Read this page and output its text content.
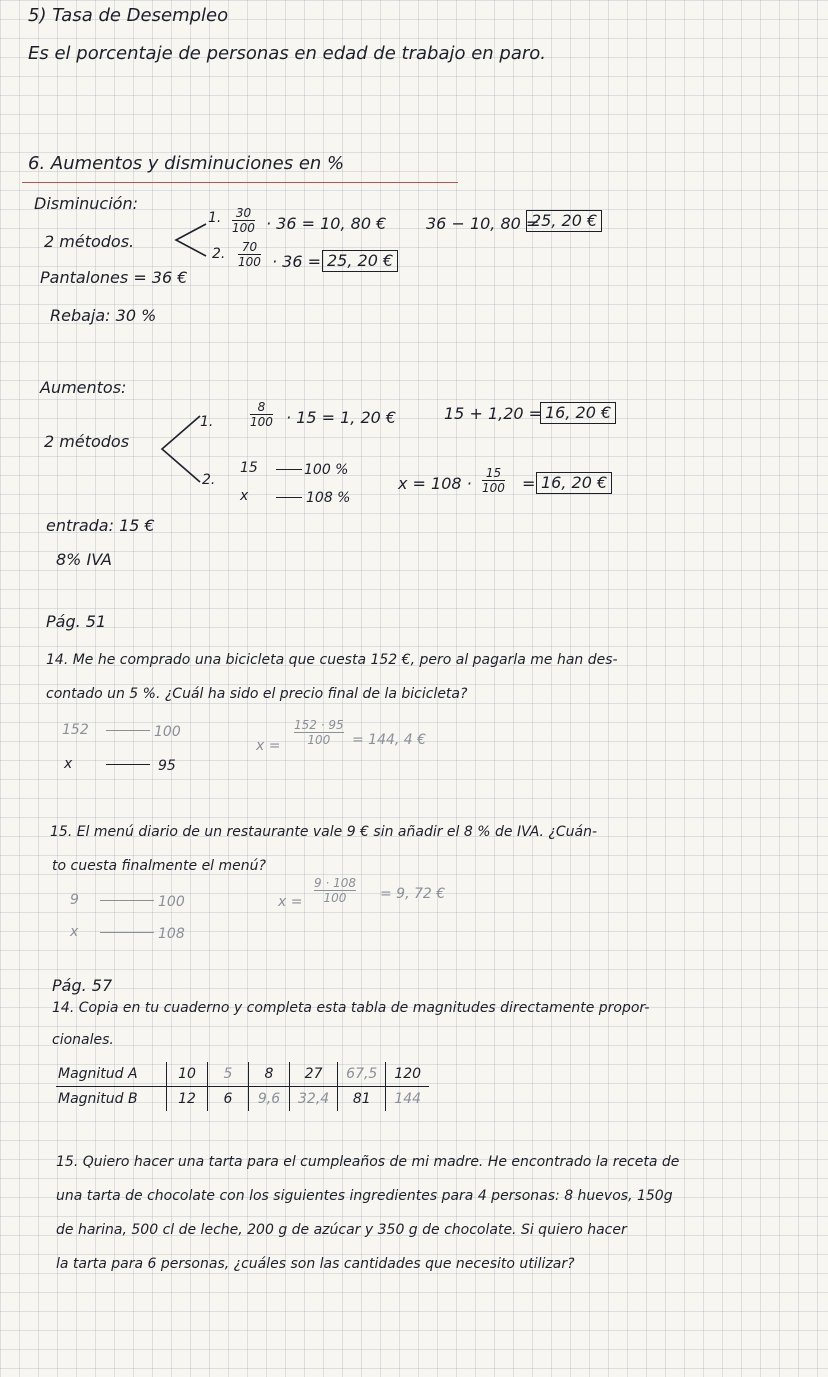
5) Tasa de Desempleo
Es el porcentaje de personas en edad de trabajo en paro.
6. Aumentos y disminuciones en %
Disminución:
2 métodos.
Pantalones = 36 €
Rebaja: 30 %
1. 30
100 · 36 = 10, 80 € 36 − 10, 80 =
25, 20 €
2. 70
100 · 36 = 25, 20 €
Aumentos:
2 métodos
entrada: 15 €
8% IVA
1.
8
100 · 15 = 1, 20 €	15 + 1,20 = 16, 20 €
2.
15	100 %
x	108 %
x = 108 ·
15
100 = 16, 20 €
Pág. 51
14. Me he comprado una bicicleta que cuesta 152 €, pero al pagarla me han des-
contado un 5 %. ¿Cuál ha sido el precio final de la bicicleta?
152	100
x	95
x =
152 · 95
100 = 144, 4 €
15. El menú diario de un restaurante vale 9 € sin añadir el 8 % de IVA. ¿Cuán-
to cuesta finalmente el menú?
9	100
x	108
x =
9 · 108
100 = 9, 72 €
Pág. 57
14. Copia en tu cuaderno y completa esta tabla de magnitudes directamente propor-
cionales.
Magnitud A	10	5	8	27	67,5	120
Magnitud B	12	6	9,6	32,4	81	144
15. Quiero hacer una tarta para el cumpleaños de mi madre. He encontrado la receta de
una tarta de chocolate con los siguientes ingredientes para 4 personas: 8 huevos, 150g
de harina, 500 cl de leche, 200 g de azúcar y 350 g de chocolate. Si quiero hacer
la tarta para 6 personas, ¿cuáles son las cantidades que necesito utilizar?
